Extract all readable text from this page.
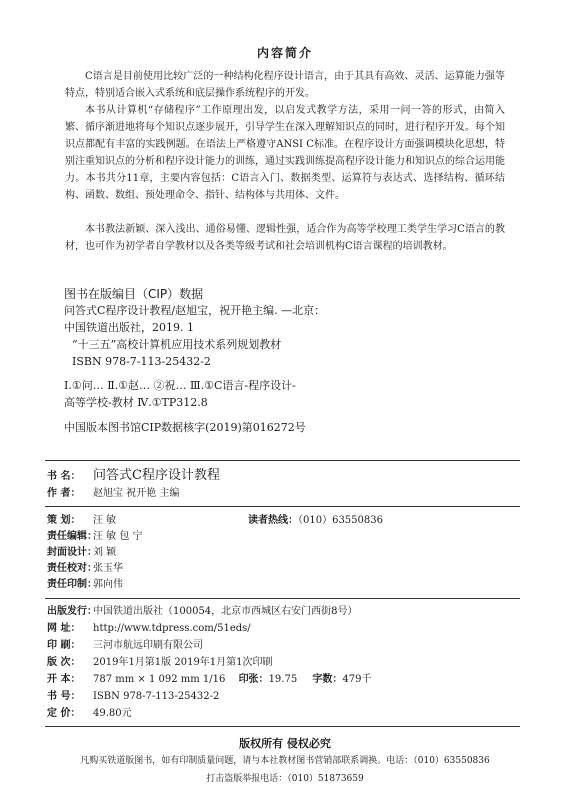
内容简介

C语言是目前使用比较广泛的一种结构化程序设计语言，由于其具有高效、灵活、运算能力强等特点，特别适合嵌入式系统和底层操作系统程序的开发。

本书从计算机“存储程序”工作原理出发，以启发式教学方法，采用一问一答的形式，由简入繁、循序渐进地将每个知识点逐步展开，引导学生在深入理解知识点的同时，进行程序开发。每个知识点都配有丰富的实践例题。在语法上严格遵守ANSI C标准。在程序设计方面强调模块化思想，特别注重知识点的分析和程序设计能力的训练，通过实践训练提高程序设计能力和知识点的综合运用能力。本书共分11章，主要内容包括：C语言入门、数据类型、运算符与表达式、选择结构、循环结构、函数、数组、预处理命令、指针、结构体与共用体、文件。

本书教法新颖、深入浅出、通俗易懂、逻辑性强，适合作为高等学校理工类学生学习C语言的教材，也可作为初学者自学教材以及各类等级考试和社会培训机构C语言课程的培训教材。

图书在版编目（CIP）数据
问答式C程序设计教程/赵旭宝，祝开艳主编. —北京：
中国铁道出版社，2019. 1
“十三五”高校计算机应用技术系列规划教材
ISBN 978-7-113-25432-2
Ⅰ.①问… Ⅱ.①赵… ②祝… Ⅲ.①C语言-程序设计-
高等学校-教材 Ⅳ.①TP312.8
中国版本图书馆CIP数据核字(2019)第016272号
书 名： 问答式C程序设计教程
作 者： 赵旭宝 祝开艳 主编
策 划： 汪 敏	读者热线：（010）63550836
责任编辑：汪 敏 包 宁
封面设计：刘 颖
责任校对：张玉华
责任印制：郭向伟
出版发行：中国铁道出版社（100054，北京市西城区右安门西街8号）
网 址： http://www.tdpress.com/51eds/
印 刷： 三河市航远印刷有限公司
版 次： 2019年1月第1版 2019年1月第1次印刷
开 本： 787 mm × 1 092 mm 1/16 印张：19.75 字数：479千
书 号： ISBN 978-7-113-25432-2
定 价： 49.80元
版权所有 侵权必究
凡购买铁道版图书，如有印制质量问题，请与本社教材图书营销部联系调换。电话：（010）63550836
打击盗版举报电话：（010）51873659
